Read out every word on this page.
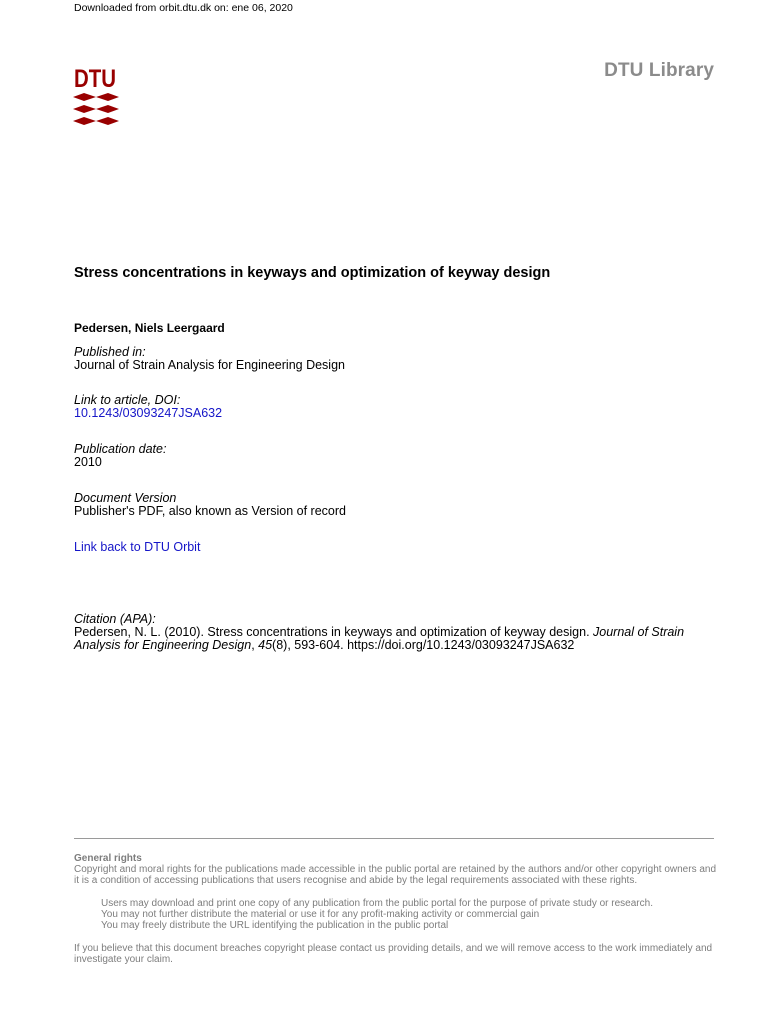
Downloaded from orbit.dtu.dk on: ene 06, 2020
DTU	DTU Library
Stress concentrations in keyways and optimization of keyway design
Pedersen, Niels Leergaard
Published in:
Journal of Strain Analysis for Engineering Design
Link to article, DOI:
10.1243/03093247JSA632
Publication date:
2010
Document Version
Publisher's PDF, also known as Version of record
Link back to DTU Orbit
Citation (APA):
Pedersen, N. L. (2010). Stress concentrations in keyways and optimization of keyway design. Journal of Strain Analysis for Engineering Design, 45(8), 593-604. https://doi.org/10.1243/03093247JSA632
General rights
Copyright and moral rights for the publications made accessible in the public portal are retained by the authors and/or other copyright owners and it is a condition of accessing publications that users recognise and abide by the legal requirements associated with these rights.
Users may download and print one copy of any publication from the public portal for the purpose of private study or research.
You may not further distribute the material or use it for any profit-making activity or commercial gain
You may freely distribute the URL identifying the publication in the public portal
If you believe that this document breaches copyright please contact us providing details, and we will remove access to the work immediately and investigate your claim.
